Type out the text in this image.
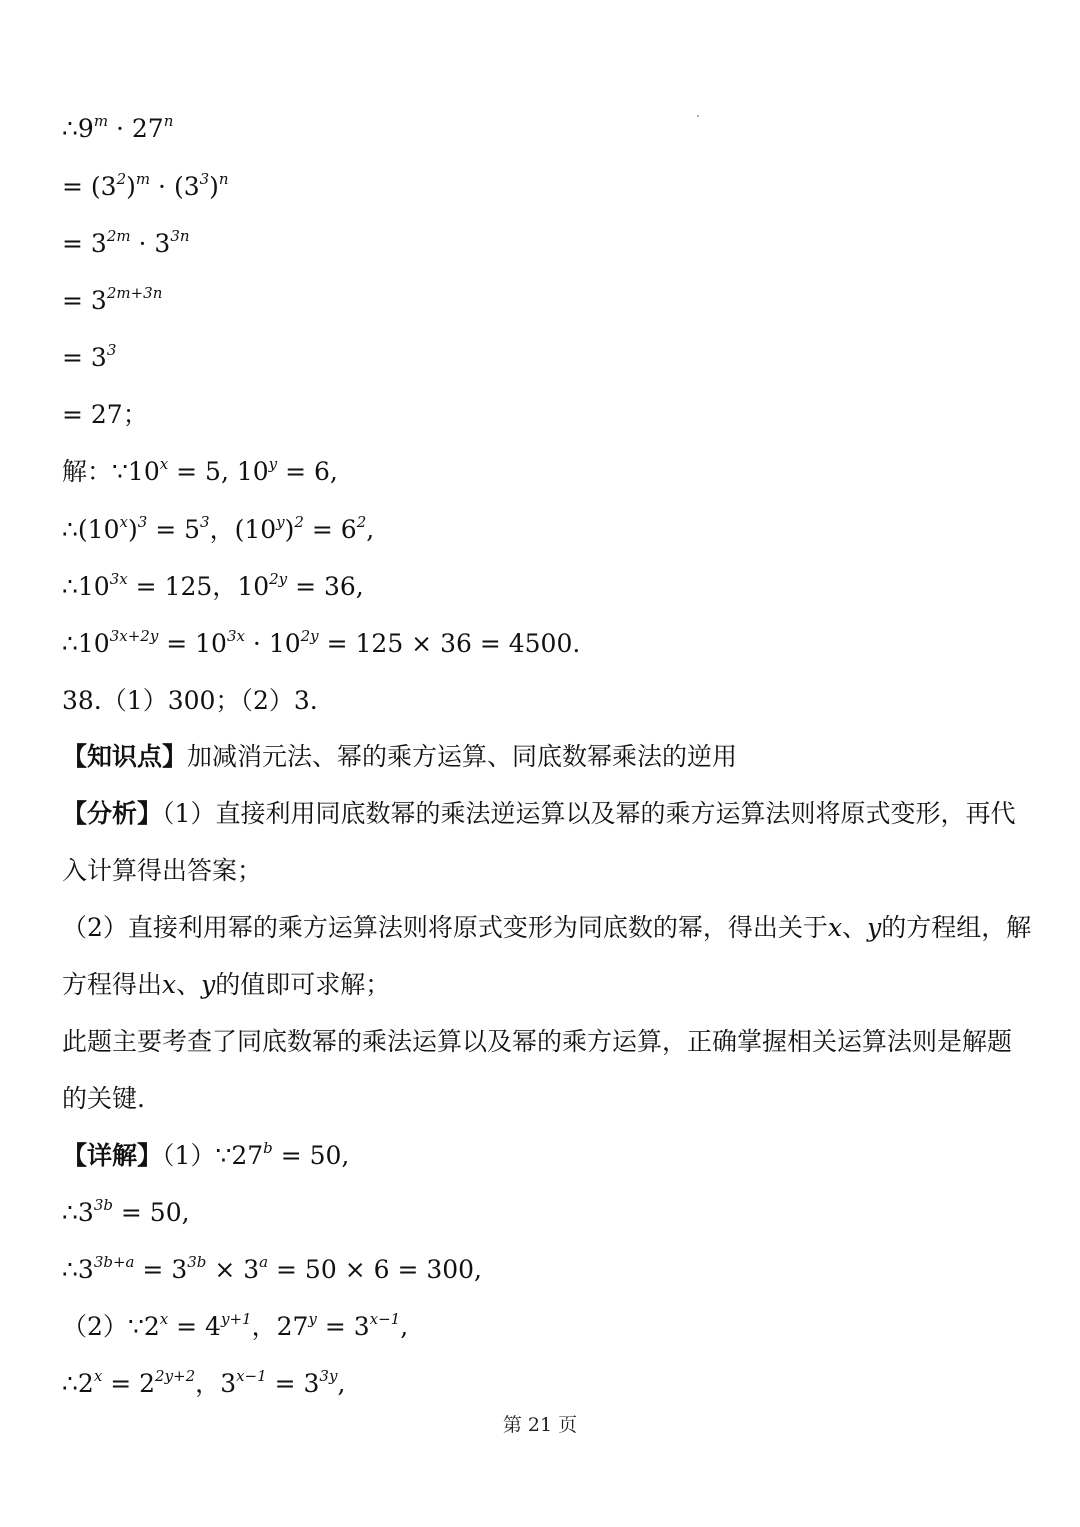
$\therefore 9^m \cdot 27^n$
= $(3^2)^m \cdot (3^3)^n$
= $3^{2m} \cdot 3^{3n}$
= $3^{2m+3n}$
= $3^3$
= 27；
解：$\because 10^x = 5$, $10^y = 6$,
$\therefore(10^x)^3 = 5^3$，$(10^y)^2 = 6^2$,
$\therefore 10^{3x} = 125$，$10^{2y} = 36$,
$\therefore 10^{3x+2y} = 10^{3x} \cdot 10^{2y} = 125 \times 36 = 4500$.
38.（1）300；（2）3.
【知识点】加减消元法、幂的乘方运算、同底数幂乘法的逆用
【分析】（1）直接利用同底数幂的乘法逆运算以及幂的乘方运算法则将原式变形，再代
入计算得出答案；
（2）直接利用幂的乘方运算法则将原式变形为同底数的幂，得出关于x、y的方程组，解
方程得出x、y的值即可求解；
此题主要考查了同底数幂的乘法运算以及幂的乘方运算，正确掌握相关运算法则是解题
的关键.
【详解】$(1)\because 27^b = 50$,
$\therefore 3^{3b} = 50$,
$\therefore 3^{3b+a} = 3^{3b} \times 3^a = 50 \times 6 = 300$,
$(2)\because 2^x = 4^{y+1}$，$27^y = 3^{x-1}$,
$\therefore 2^x = 2^{2y+2}$，$3^{x-1} = 3^{3y}$,
第 21 页
